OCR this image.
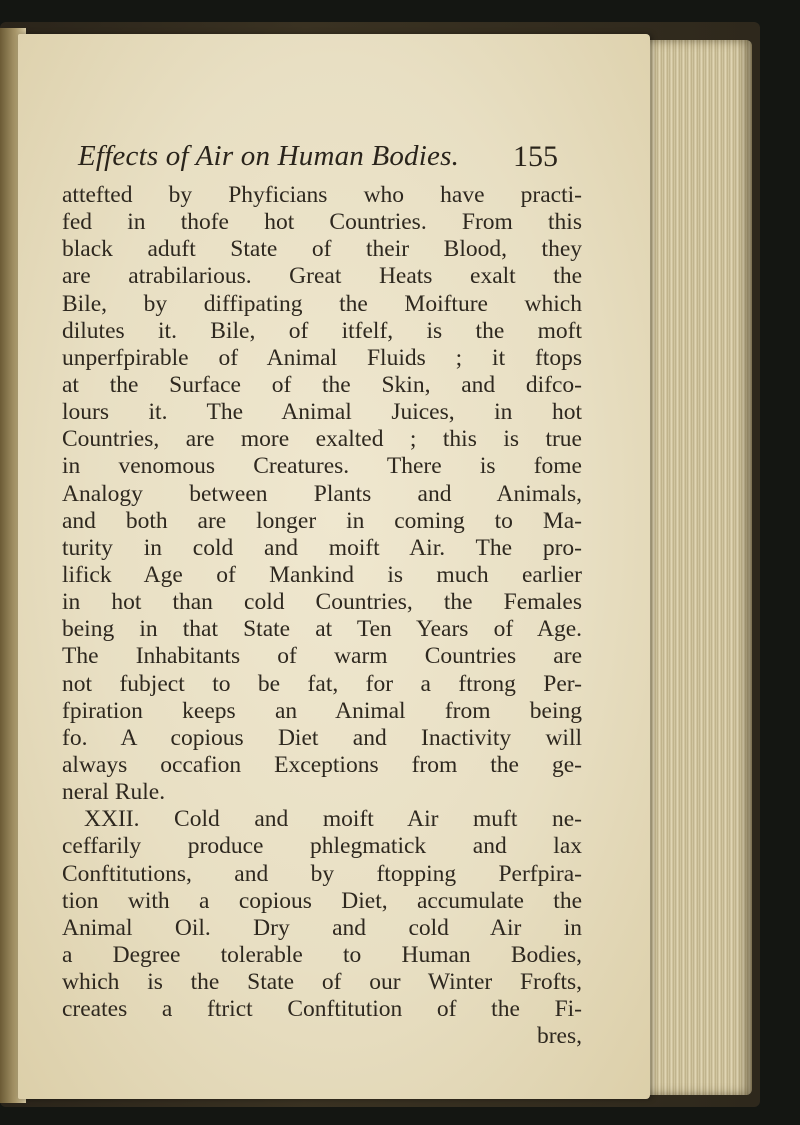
Effects of Air on Human Bodies. 155
attefted by Phyficians who have practi-
fed in thofe hot Countries. From this
black aduft State of their Blood, they
are atrabilarious. Great Heats exalt the
Bile, by diffipating the Moifture which
dilutes it. Bile, of itfelf, is the moft
unperfpirable of Animal Fluids ; it ftops
at the Surface of the Skin, and difco-
lours it. The Animal Juices, in hot
Countries, are more exalted ; this is true
in venomous Creatures. There is fome
Analogy between Plants and Animals,
and both are longer in coming to Ma-
turity in cold and moift Air. The pro-
lifick Age of Mankind is much earlier
in hot than cold Countries, the Females
being in that State at Ten Years of Age.
The Inhabitants of warm Countries are
not fubject to be fat, for a ftrong Per-
fpiration keeps an Animal from being
fo. A copious Diet and Inactivity will
always occafion Exceptions from the ge-
neral Rule.
XXII. Cold and moift Air muft ne-
ceffarily produce phlegmatick and lax
Conftitutions, and by ftopping Perfpira-
tion with a copious Diet, accumulate the
Animal Oil. Dry and cold Air in
a Degree tolerable to Human Bodies,
which is the State of our Winter Frofts,
creates a ftrict Conftitution of the Fi-
bres,
